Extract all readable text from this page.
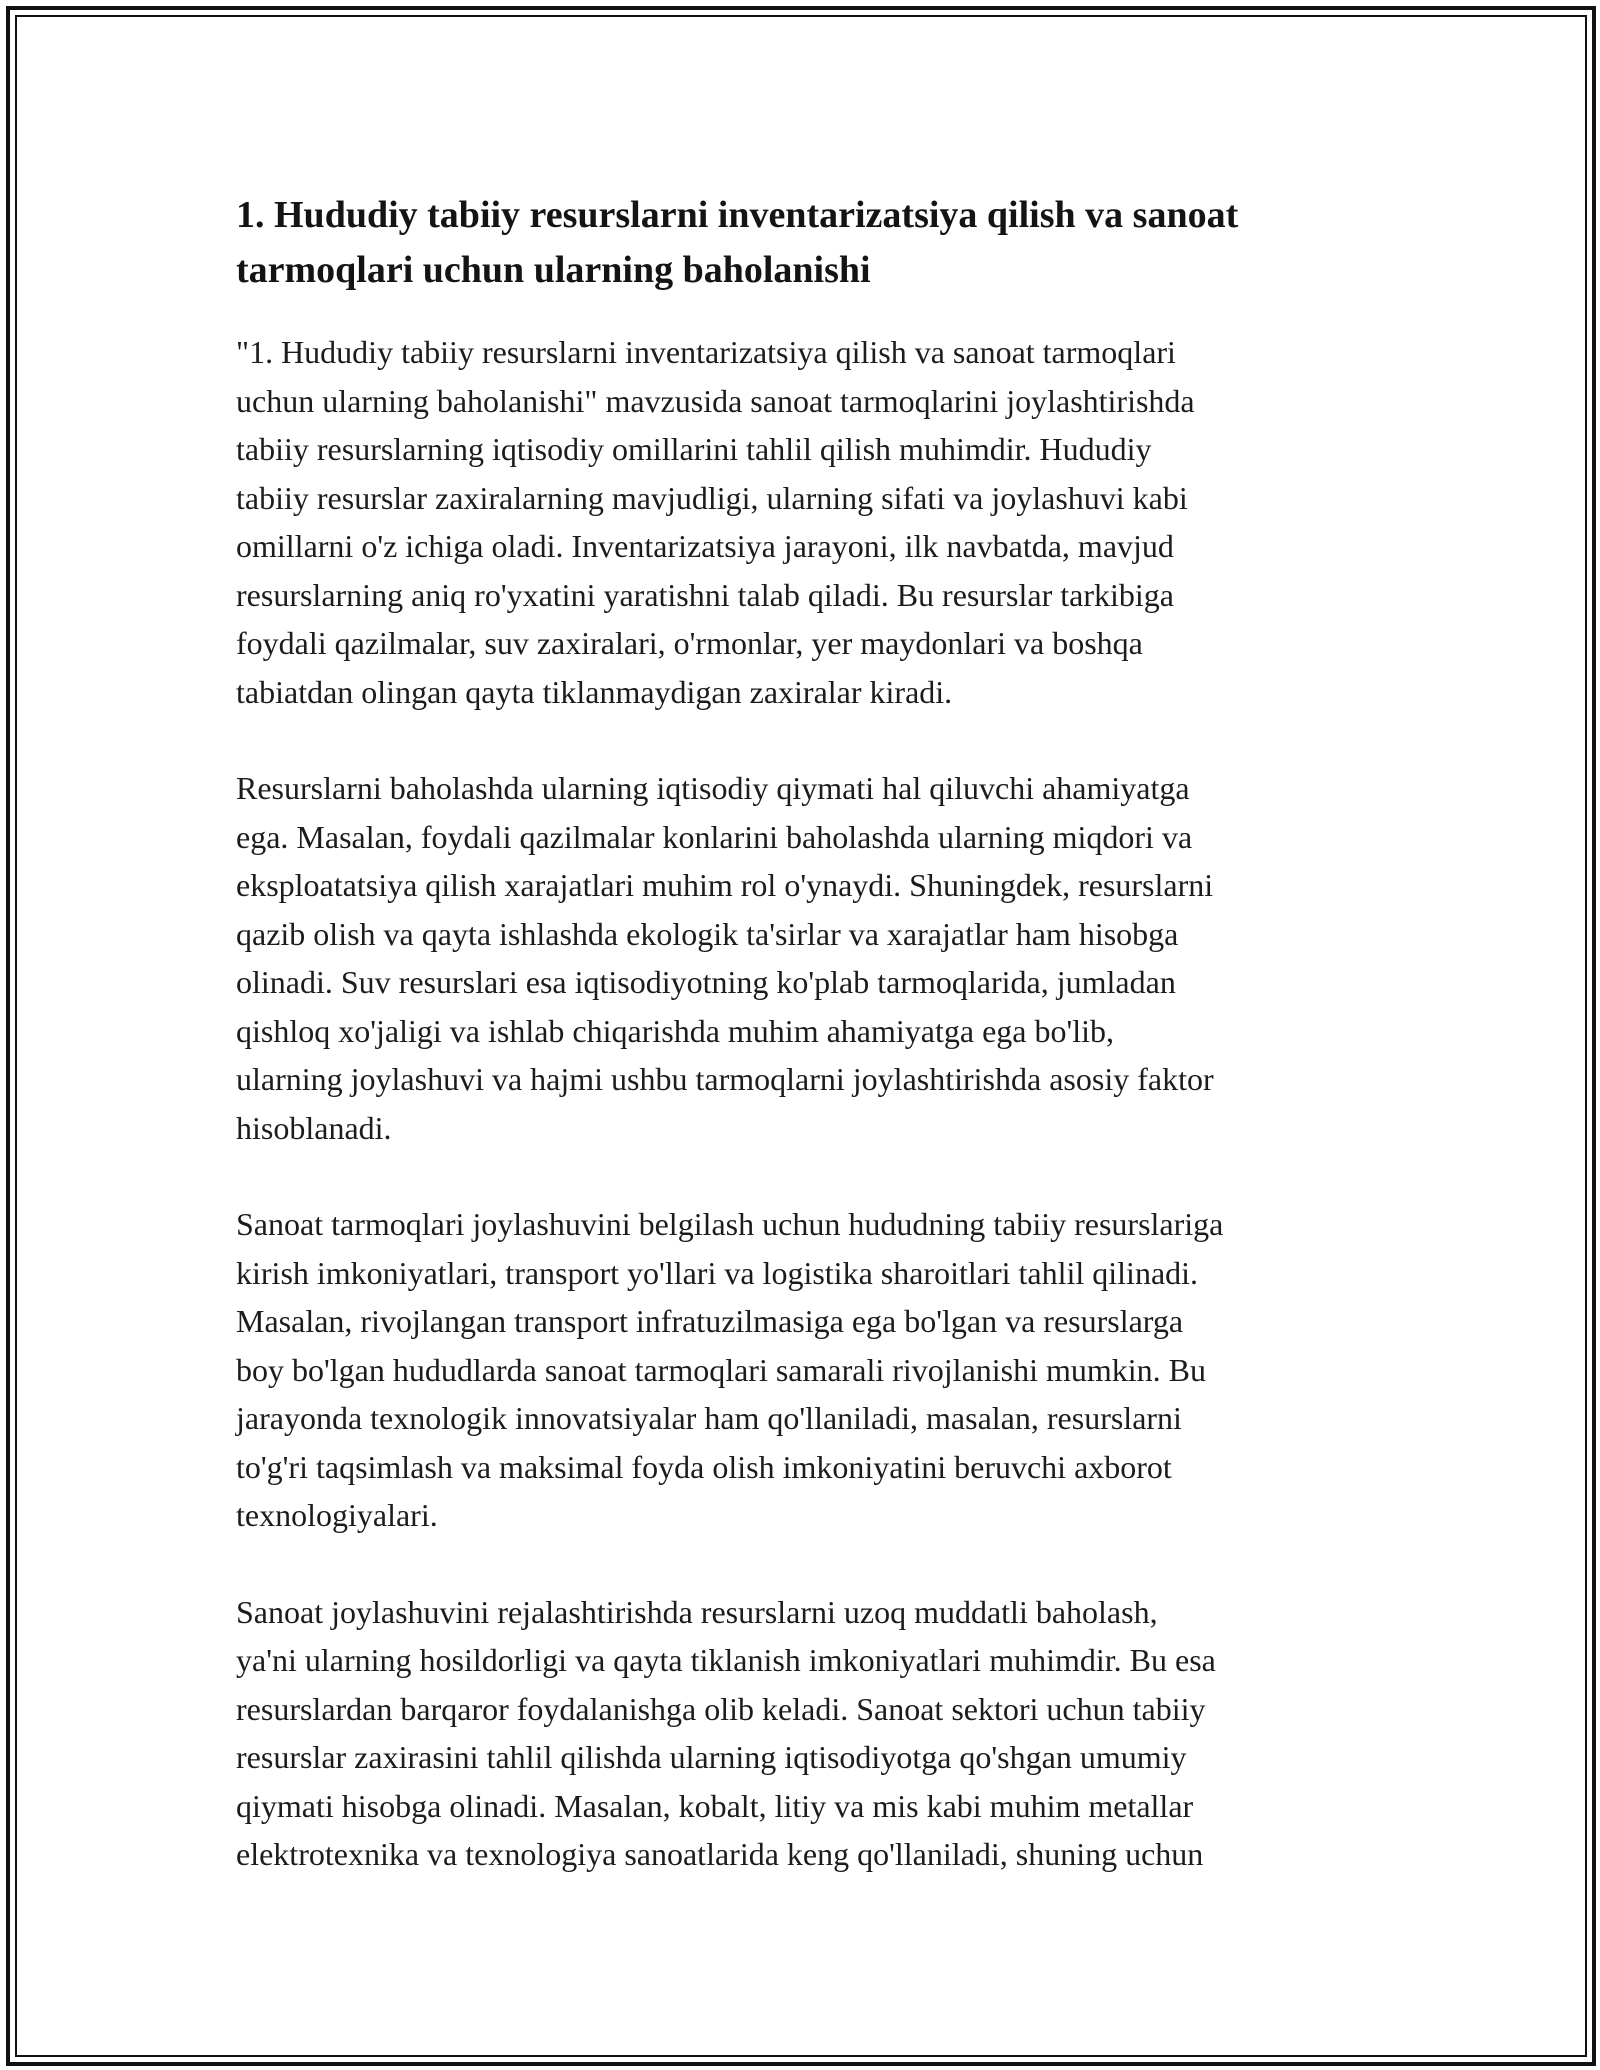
1. Hududiy tabiiy resurslarni inventarizatsiya qilish va sanoat
tarmoqlari uchun ularning baholanishi

"1. Hududiy tabiiy resurslarni inventarizatsiya qilish va sanoat tarmoqlari
uchun ularning baholanishi" mavzusida sanoat tarmoqlarini joylashtirishda
tabiiy resurslarning iqtisodiy omillarini tahlil qilish muhimdir. Hududiy
tabiiy resurslar zaxiralarning mavjudligi, ularning sifati va joylashuvi kabi
omillarni o'z ichiga oladi. Inventarizatsiya jarayoni, ilk navbatda, mavjud
resurslarning aniq ro'yxatini yaratishni talab qiladi. Bu resurslar tarkibiga
foydali qazilmalar, suv zaxiralari, o'rmonlar, yer maydonlari va boshqa
tabiatdan olingan qayta tiklanmaydigan zaxiralar kiradi.

Resurslarni baholashda ularning iqtisodiy qiymati hal qiluvchi ahamiyatga
ega. Masalan, foydali qazilmalar konlarini baholashda ularning miqdori va
eksploatatsiya qilish xarajatlari muhim rol o'ynaydi. Shuningdek, resurslarni
qazib olish va qayta ishlashda ekologik ta'sirlar va xarajatlar ham hisobga
olinadi. Suv resurslari esa iqtisodiyotning ko'plab tarmoqlarida, jumladan
qishloq xo'jaligi va ishlab chiqarishda muhim ahamiyatga ega bo'lib,
ularning joylashuvi va hajmi ushbu tarmoqlarni joylashtirishda asosiy faktor
hisoblanadi.

Sanoat tarmoqlari joylashuvini belgilash uchun hududning tabiiy resurslariga
kirish imkoniyatlari, transport yo'llari va logistika sharoitlari tahlil qilinadi.
Masalan, rivojlangan transport infratuzilmasiga ega bo'lgan va resurslarga
boy bo'lgan hududlarda sanoat tarmoqlari samarali rivojlanishi mumkin. Bu
jarayonda texnologik innovatsiyalar ham qo'llaniladi, masalan, resurslarni
to'g'ri taqsimlash va maksimal foyda olish imkoniyatini beruvchi axborot
texnologiyalari.

Sanoat joylashuvini rejalashtirishda resurslarni uzoq muddatli baholash,
ya'ni ularning hosildorligi va qayta tiklanish imkoniyatlari muhimdir. Bu esa
resurslardan barqaror foydalanishga olib keladi. Sanoat sektori uchun tabiiy
resurslar zaxirasini tahlil qilishda ularning iqtisodiyotga qo'shgan umumiy
qiymati hisobga olinadi. Masalan, kobalt, litiy va mis kabi muhim metallar
elektrotexnika va texnologiya sanoatlarida keng qo'llaniladi, shuning uchun
